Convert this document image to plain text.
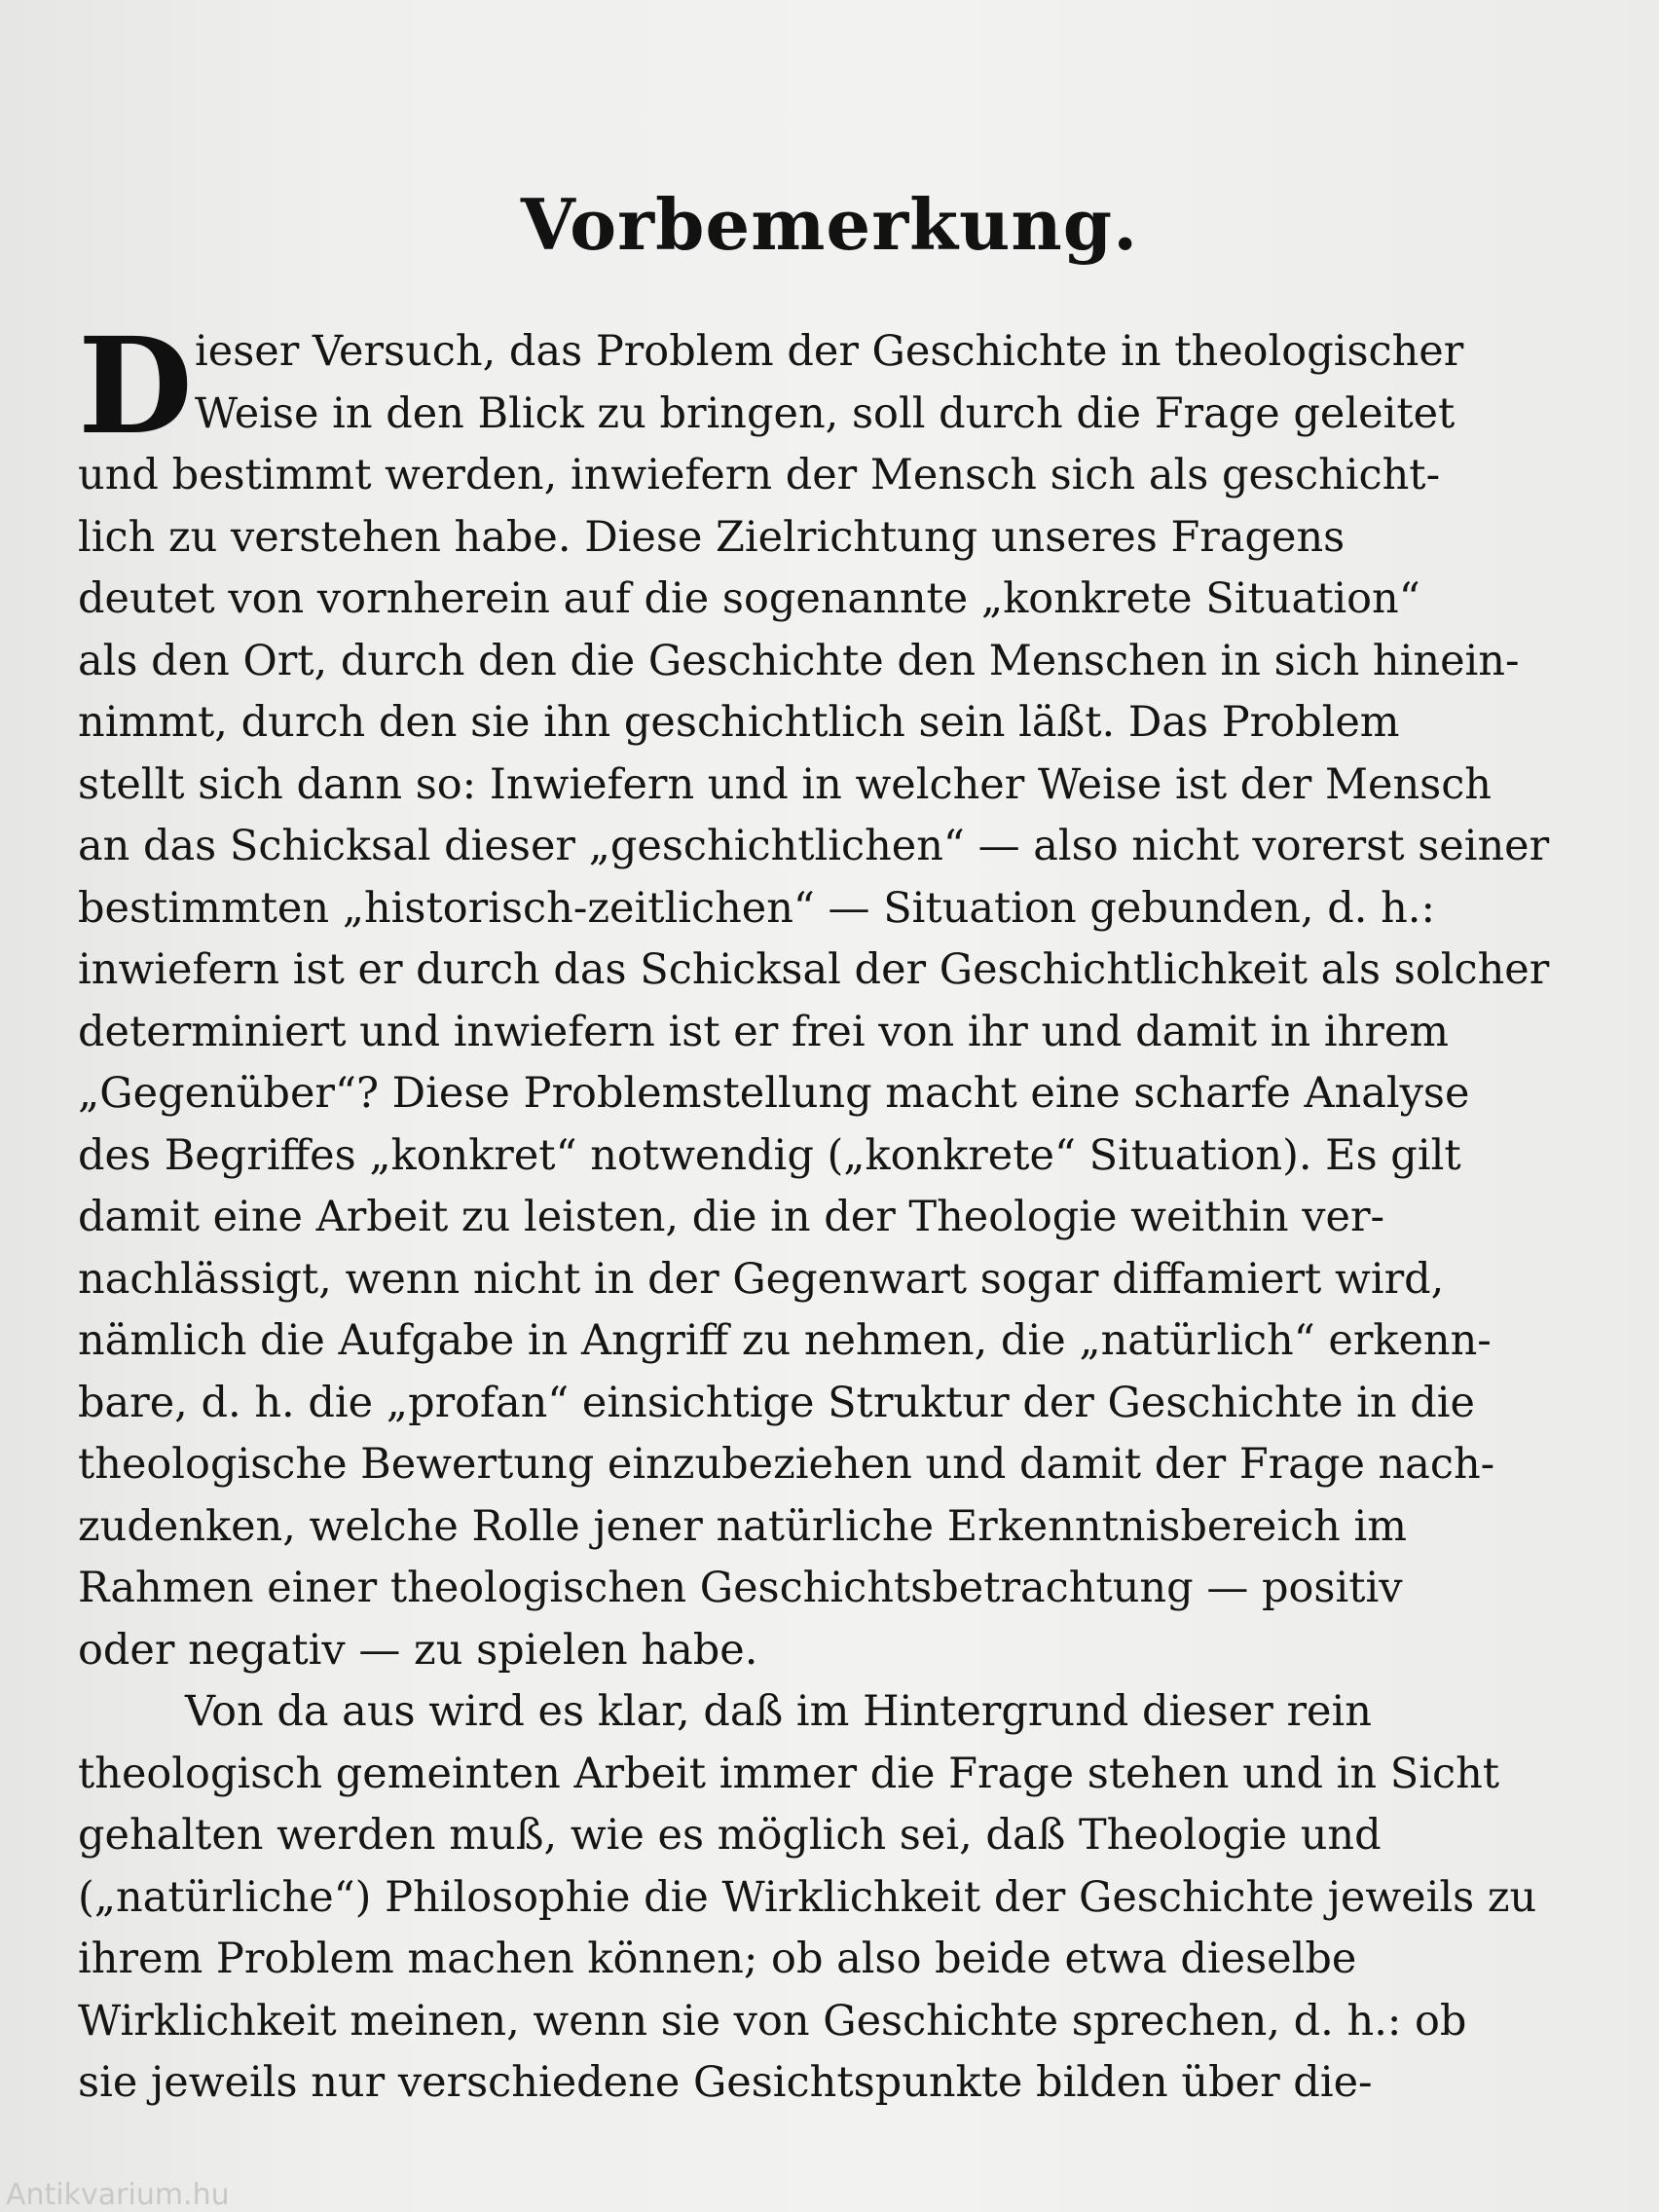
Vorbemerkung.
D ieser Versuch, das Problem der Geschichte in theologischer
Weise in den Blick zu bringen, soll durch die Frage geleitet
und bestimmt werden, inwiefern der Mensch sich als geschicht-
lich zu verstehen habe. Diese Zielrichtung unseres Fragens
deutet von vornherein auf die sogenannte „konkrete Situation“
als den Ort, durch den die Geschichte den Menschen in sich hinein-
nimmt, durch den sie ihn geschichtlich sein läßt. Das Problem
stellt sich dann so: Inwiefern und in welcher Weise ist der Mensch
an das Schicksal dieser „geschichtlichen“ — also nicht vorerst seiner
bestimmten „historisch-zeitlichen“ — Situation gebunden, d. h.:
inwiefern ist er durch das Schicksal der Geschichtlichkeit als solcher
determiniert und inwiefern ist er frei von ihr und damit in ihrem
„Gegenüber“? Diese Problemstellung macht eine scharfe Analyse
des Begriffes „konkret“ notwendig („konkrete“ Situation). Es gilt
damit eine Arbeit zu leisten, die in der Theologie weithin ver-
nachlässigt, wenn nicht in der Gegenwart sogar diffamiert wird,
nämlich die Aufgabe in Angriff zu nehmen, die „natürlich“ erkenn-
bare, d. h. die „profan“ einsichtige Struktur der Geschichte in die
theologische Bewertung einzubeziehen und damit der Frage nach-
zudenken, welche Rolle jener natürliche Erkenntnisbereich im
Rahmen einer theologischen Geschichtsbetrachtung — positiv
oder negativ — zu spielen habe.
Von da aus wird es klar, daß im Hintergrund dieser rein
theologisch gemeinten Arbeit immer die Frage stehen und in Sicht
gehalten werden muß, wie es möglich sei, daß Theologie und
(„natürliche“) Philosophie die Wirklichkeit der Geschichte jeweils zu
ihrem Problem machen können; ob also beide etwa dieselbe
Wirklichkeit meinen, wenn sie von Geschichte sprechen, d. h.: ob
sie jeweils nur verschiedene Gesichtspunkte bilden über die-
Antikvarium.hu
